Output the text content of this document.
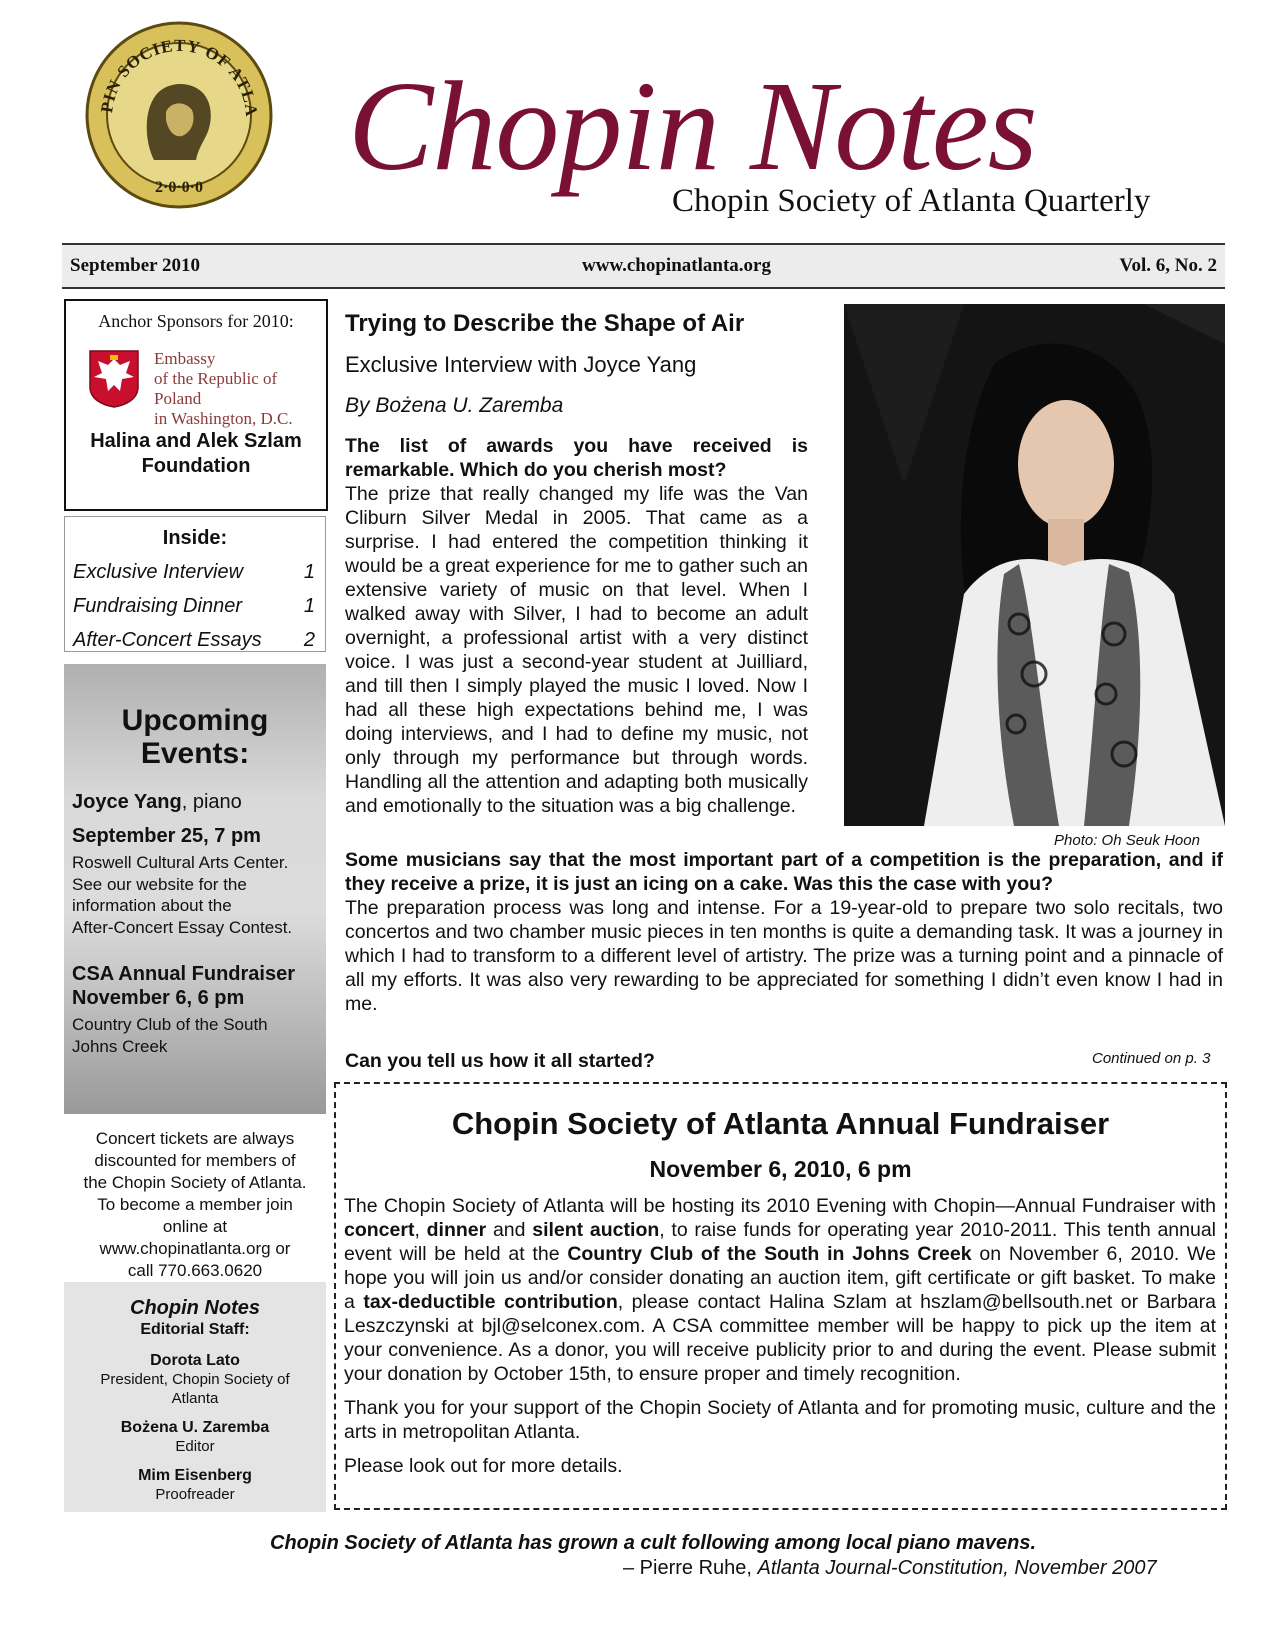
PIN SOCIETY OF ATLA
2·0·0·0 Chopin Notes
Chopin Society of Atlanta Quarterly
September 2010	www.chopinatlanta.org	Vol. 6, No. 2
Anchor Sponsors for 2010:
Embassy
of the Republic of Poland
in Washington, D.C.
Halina and Alek Szlam
Foundation
Inside:
Exclusive Interview	1
Fundraising Dinner	1
After-Concert Essays 2
Upcoming
Events:
Joyce Yang, piano
September 25, 7 pm
Roswell Cultural Arts Center.
See our website for the
information about the
After-Concert Essay Contest.
CSA Annual Fundraiser
November 6, 6 pm
Country Club of the South
Johns Creek
Concert tickets are always
discounted for members of
the Chopin Society of Atlanta.
To become a member join
online at
www.chopinatlanta.org or
call 770.663.0620
Chopin Notes
Editorial Staff:
Dorota Lato
President, Chopin Society of
Atlanta
Bożena U. Zaremba
Editor
Mim Eisenberg
Proofreader
Trying to Describe the Shape of Air
Exclusive Interview with Joyce Yang
By Bożena U. Zaremba
The list of awards you have received is remarkable. Which do you cherish most?
The prize that really changed my life was the Van Cliburn Silver Medal in 2005. That came as a surprise. I had entered the competition thinking it would be a great experience for me to gather such an extensive variety of music on that level. When I walked away with Silver, I had to become an adult overnight, a professional artist with a very distinct voice. I was just a second-year student at Juilliard, and till then I simply played the music I loved. Now I had all these high expectations behind me, I was doing interviews, and I had to define my music, not only through my performance but through words. Handling all the attention and adapting both musically and emotionally to the situation was a big challenge.
Photo: Oh Seuk Hoon
Some musicians say that the most important part of a competition is the preparation, and if they receive a prize, it is just an icing on a cake. Was this the case with you?
The preparation process was long and intense. For a 19-year-old to prepare two solo recitals, two concertos and two chamber music pieces in ten months is quite a demanding task. It was a journey in which I had to transform to a different level of artistry. The prize was a turning point and a pinnacle of all my efforts. It was also very rewarding to be appreciated for something I didn’t even know I had in me.
Can you tell us how it all started?	Continued on p. 3
Chopin Society of Atlanta Annual Fundraiser
November 6, 2010, 6 pm

The Chopin Society of Atlanta will be hosting its 2010 Evening with Chopin—Annual Fundraiser with concert, dinner and silent auction, to raise funds for operating year 2010-2011. This tenth annual event will be held at the Country Club of the South in Johns Creek on November 6, 2010. We hope you will join us and/or consider donating an auction item, gift certificate or gift basket. To make a tax-deductible contribution, please contact Halina Szlam at hszlam@bellsouth.net or Barbara Leszczynski at bjl@selconex.com. A CSA committee member will be happy to pick up the item at your convenience. As a donor, you will receive publicity prior to and during the event. Please submit your donation by October 15th, to ensure proper and timely recognition.

Thank you for your support of the Chopin Society of Atlanta and for promoting music, culture and the arts in metropolitan Atlanta.

Please look out for more details.

Chopin Society of Atlanta has grown a cult following among local piano mavens.
– Pierre Ruhe, Atlanta Journal-Constitution, November 2007
